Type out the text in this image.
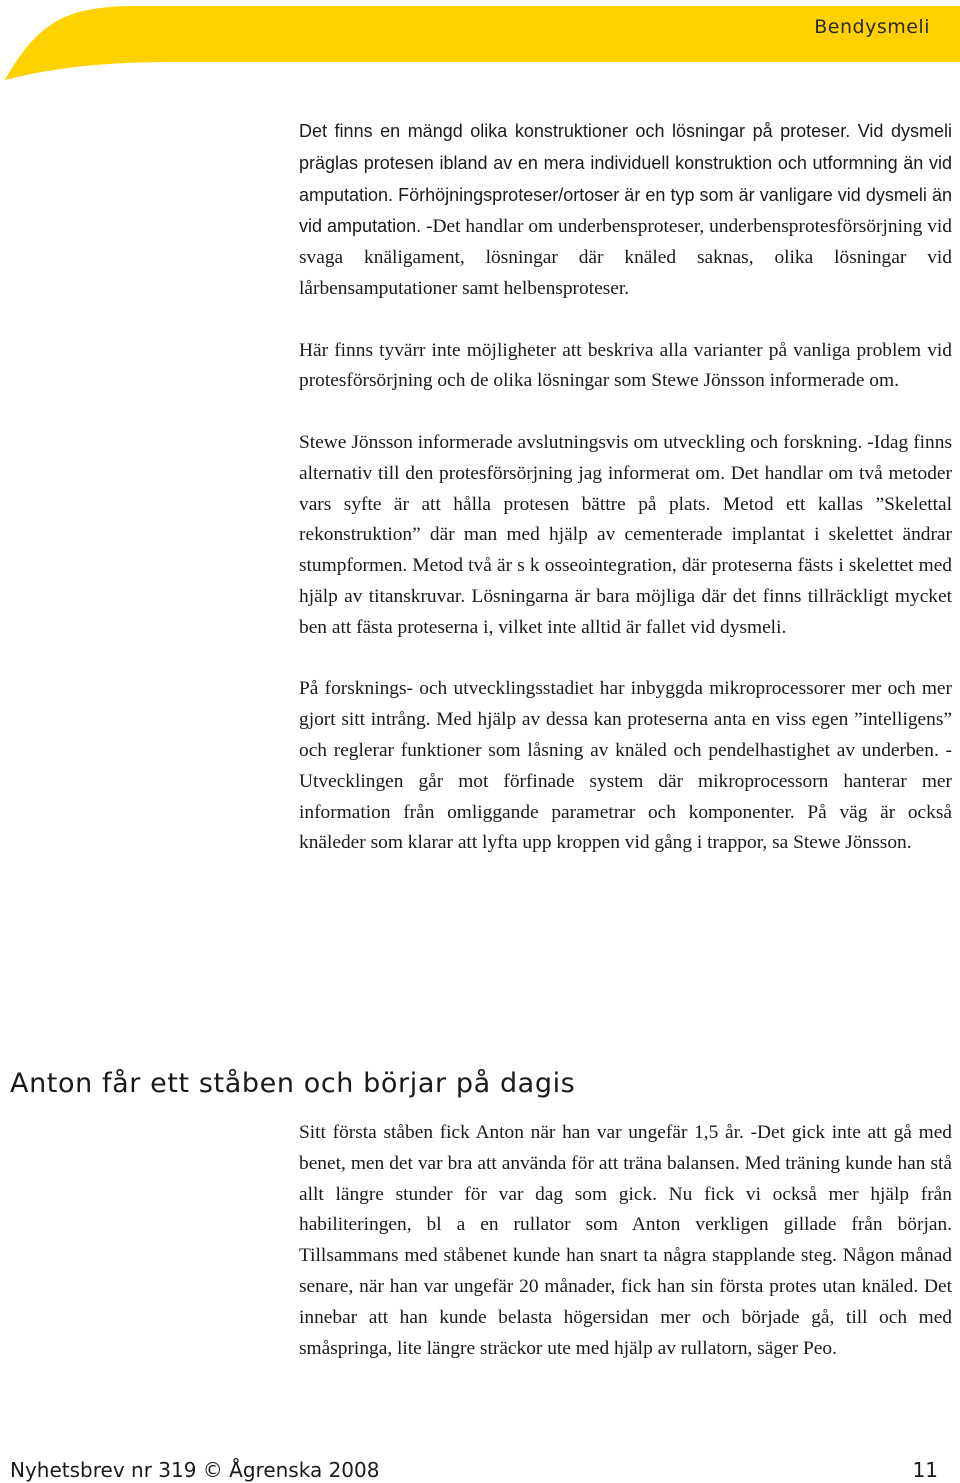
Bendysmeli

Det finns en mängd olika konstruktioner och lösningar på proteser. Vid dysmeli präglas protesen ibland av en mera individuell konstruktion och utformning än vid amputation. Förhöjningsproteser/ortoser är en typ som är vanligare vid dysmeli än vid amputation. -Det handlar om underbensproteser, underbensprotesförsörjning vid svaga knäligament, lösningar där knäled saknas, olika lösningar vid lårbensamputationer samt helbensproteser.

Här finns tyvärr inte möjligheter att beskriva alla varianter på vanliga problem vid protesförsörjning och de olika lösningar som Stewe Jönsson informerade om.

Stewe Jönsson informerade avslutningsvis om utveckling och forskning. -Idag finns alternativ till den protesförsörjning jag informerat om. Det handlar om två metoder vars syfte är att hålla protesen bättre på plats. Metod ett kallas ”Skelettal rekonstruktion” där man med hjälp av cementerade implantat i skelettet ändrar stumpformen. Metod två är s k osseointegration, där proteserna fästs i skelettet med hjälp av titanskruvar. Lösningarna är bara möjliga där det finns tillräckligt mycket ben att fästa proteserna i, vilket inte alltid är fallet vid dysmeli.

På forsknings- och utvecklingsstadiet har inbyggda mikroprocessorer mer och mer gjort sitt intrång. Med hjälp av dessa kan proteserna anta en viss egen ”intelligens” och reglerar funktioner som låsning av knäled och pendelhastighet av underben. -Utvecklingen går mot förfinade system där mikroprocessorn hanterar mer information från omliggande parametrar och komponenter. På väg är också knäleder som klarar att lyfta upp kroppen vid gång i trappor, sa Stewe Jönsson.

Anton får ett ståben och börjar på dagis

Sitt första ståben fick Anton när han var ungefär 1,5 år. -Det gick inte att gå med benet, men det var bra att använda för att träna balansen. Med träning kunde han stå allt längre stunder för var dag som gick. Nu fick vi också mer hjälp från habiliteringen, bl a en rullator som Anton verkligen gillade från början. Tillsammans med ståbenet kunde han snart ta några stapplande steg. Någon månad senare, när han var ungefär 20 månader, fick han sin första protes utan knäled. Det innebar att han kunde belasta högersidan mer och började gå, till och med småspringa, lite längre sträckor ute med hjälp av rullatorn, säger Peo.

Nyhetsbrev nr 319 © Ågrenska 2008	11
